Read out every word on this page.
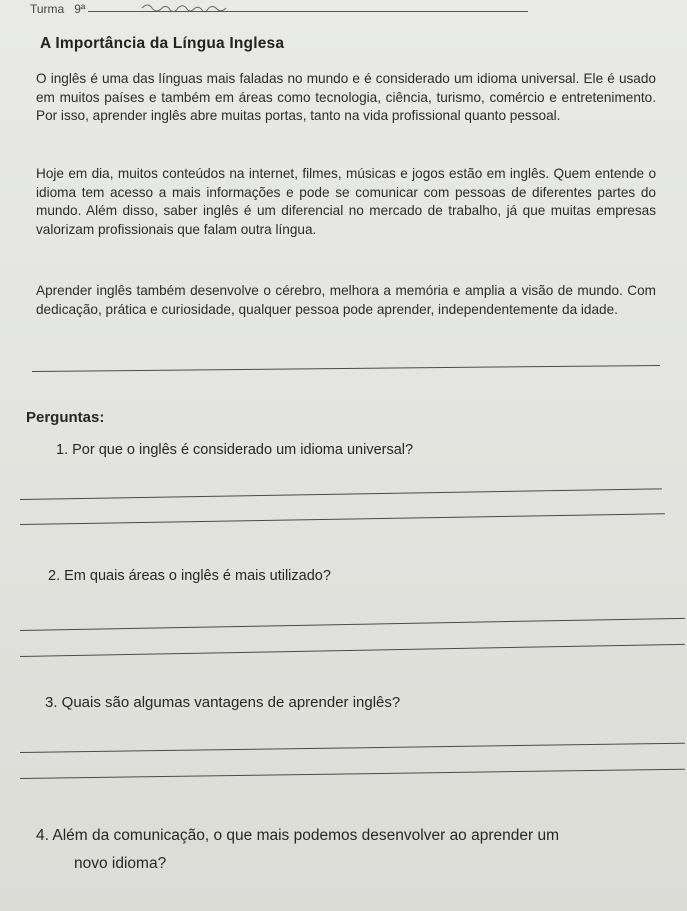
Turma 9ª
A Importância da Língua Inglesa
O inglês é uma das línguas mais faladas no mundo e é considerado um idioma universal. Ele é usado em muitos países e também em áreas como tecnologia, ciência, turismo, comércio e entretenimento. Por isso, aprender inglês abre muitas portas, tanto na vida profissional quanto pessoal.
Hoje em dia, muitos conteúdos na internet, filmes, músicas e jogos estão em inglês. Quem entende o idioma tem acesso a mais informações e pode se comunicar com pessoas de diferentes partes do mundo. Além disso, saber inglês é um diferencial no mercado de trabalho, já que muitas empresas valorizam profissionais que falam outra língua.
Aprender inglês também desenvolve o cérebro, melhora a memória e amplia a visão de mundo. Com dedicação, prática e curiosidade, qualquer pessoa pode aprender, independentemente da idade.
Perguntas:
1. Por que o inglês é considerado um idioma universal?
2. Em quais áreas o inglês é mais utilizado?
3. Quais são algumas vantagens de aprender inglês?
4. Além da comunicação, o que mais podemos desenvolver ao aprender um
novo idioma?
